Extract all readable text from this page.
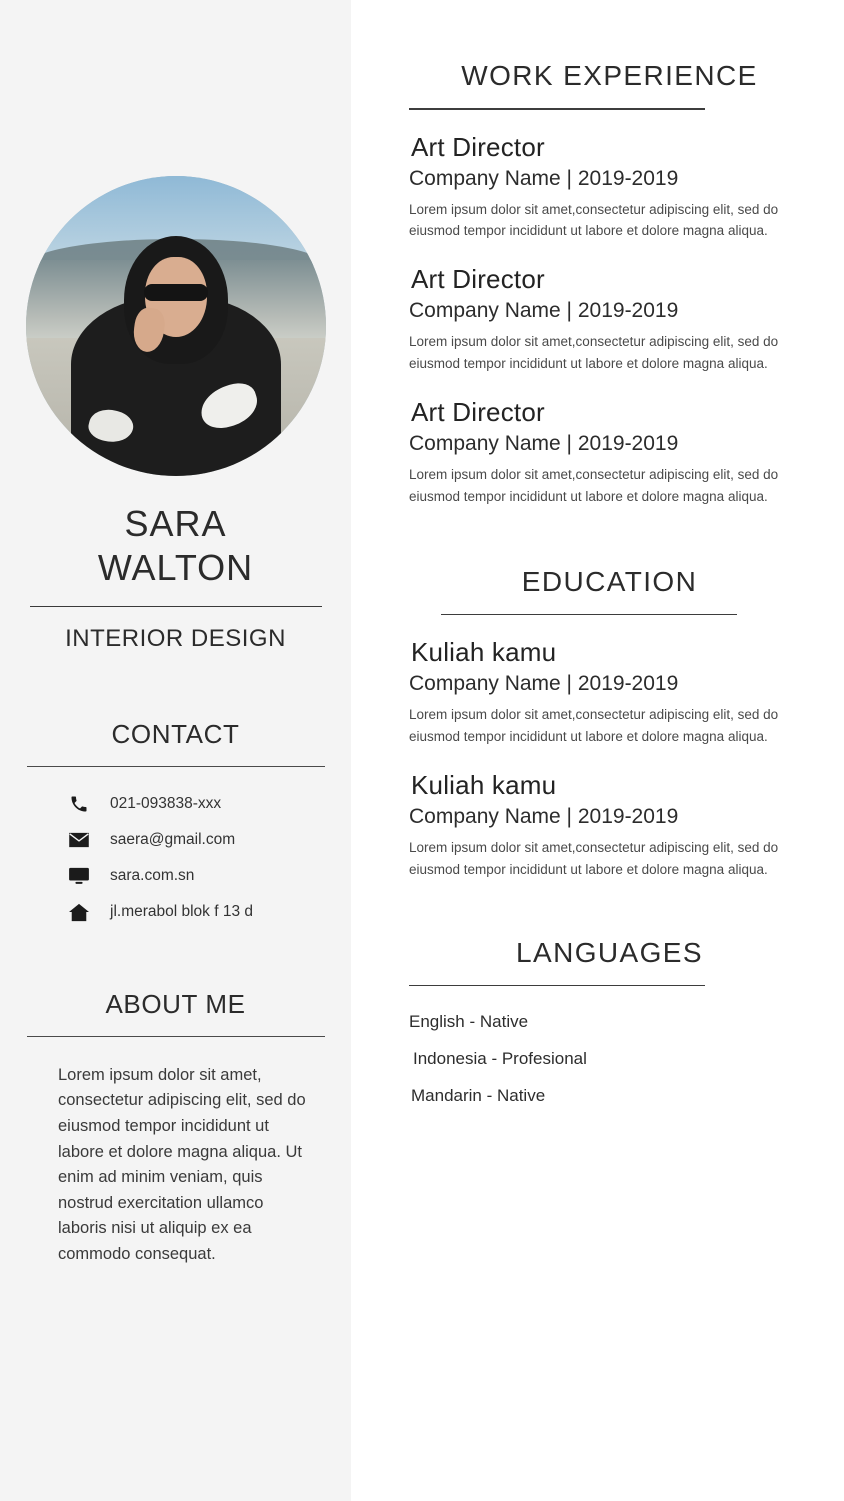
SARA
WALTON
INTERIOR DESIGN
CONTACT
021-093838-xxx
saera@gmail.com
sara.com.sn
jl.merabol blok f 13 d
ABOUT ME

Lorem ipsum dolor sit amet, consectetur adipiscing elit, sed do eiusmod tempor incididunt ut labore et dolore magna aliqua. Ut enim ad minim veniam, quis nostrud exercitation ullamco laboris nisi ut aliquip ex ea commodo consequat.

WORK EXPERIENCE
Art Director
Company Name | 2019-2019
Lorem ipsum dolor sit amet,consectetur adipiscing elit, sed do eiusmod tempor incididunt ut labore et dolore magna aliqua.
Art Director
Company Name | 2019-2019
Lorem ipsum dolor sit amet,consectetur adipiscing elit, sed do eiusmod tempor incididunt ut labore et dolore magna aliqua.
Art Director
Company Name | 2019-2019
Lorem ipsum dolor sit amet,consectetur adipiscing elit, sed do eiusmod tempor incididunt ut labore et dolore magna aliqua.
EDUCATION
Kuliah kamu
Company Name | 2019-2019
Lorem ipsum dolor sit amet,consectetur adipiscing elit, sed do eiusmod tempor incididunt ut labore et dolore magna aliqua.
Kuliah kamu
Company Name | 2019-2019
Lorem ipsum dolor sit amet,consectetur adipiscing elit, sed do eiusmod tempor incididunt ut labore et dolore magna aliqua.
LANGUAGES
English - Native
Indonesia - Profesional
Mandarin - Native
